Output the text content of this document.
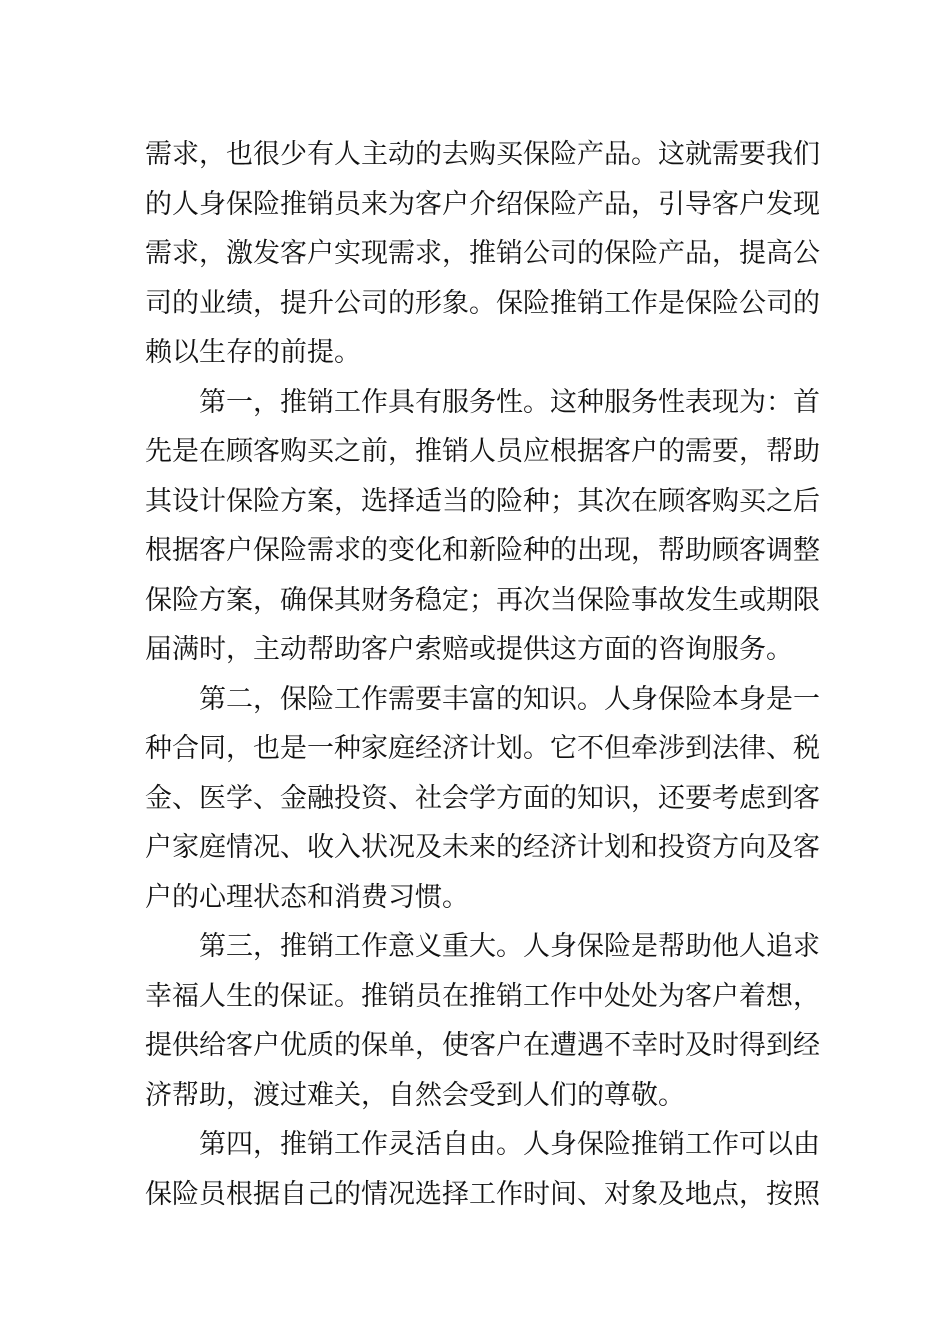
需求，也很少有人主动的去购买保险产品。这就需要我们
的人身保险推销员来为客户介绍保险产品，引导客户发现
需求，激发客户实现需求，推销公司的保险产品，提高公
司的业绩，提升公司的形象。保险推销工作是保险公司的
赖以生存的前提。
第一，推销工作具有服务性。这种服务性表现为：首
先是在顾客购买之前，推销人员应根据客户的需要，帮助
其设计保险方案，选择适当的险种；其次在顾客购买之后
根据客户保险需求的变化和新险种的出现，帮助顾客调整
保险方案，确保其财务稳定；再次当保险事故发生或期限
届满时，主动帮助客户索赔或提供这方面的咨询服务。
第二，保险工作需要丰富的知识。人身保险本身是一
种合同，也是一种家庭经济计划。它不但牵涉到法律、税
金、医学、金融投资、社会学方面的知识，还要考虑到客
户家庭情况、收入状况及未来的经济计划和投资方向及客
户的心理状态和消费习惯。
第三，推销工作意义重大。人身保险是帮助他人追求
幸福人生的保证。推销员在推销工作中处处为客户着想，
提供给客户优质的保单，使客户在遭遇不幸时及时得到经
济帮助，渡过难关，自然会受到人们的尊敬。
第四，推销工作灵活自由。人身保险推销工作可以由
保险员根据自己的情况选择工作时间、对象及地点，按照
